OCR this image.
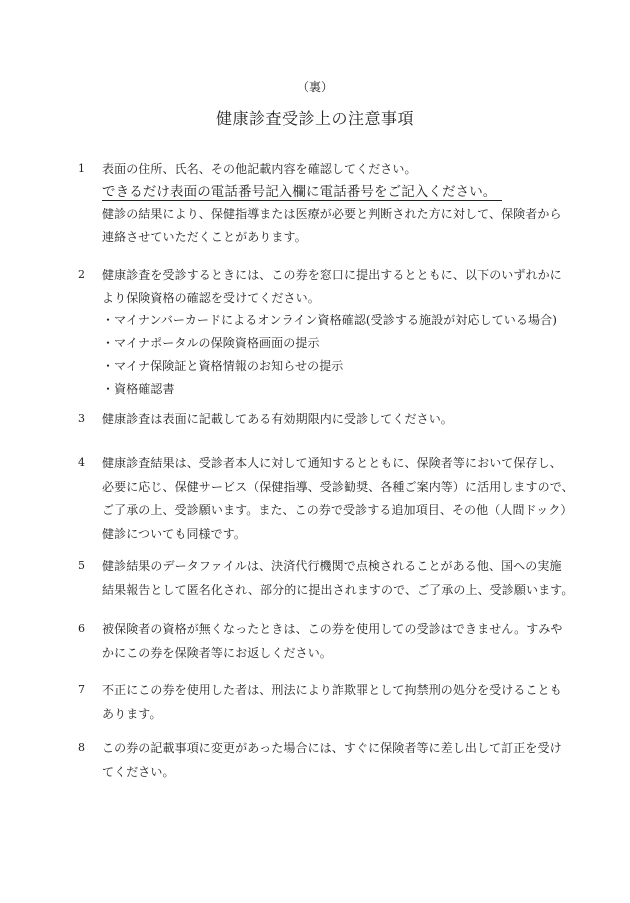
（裏）
健康診査受診上の注意事項
1 表面の住所、氏名、その他記載内容を確認してください。
できるだけ表面の電話番号記入欄に電話番号をご記入ください。
健診の結果により、保健指導または医療が必要と判断された方に対して、保険者から
連絡させていただくことがあります。
2 健康診査を受診するときには、この券を窓口に提出するとともに、以下のいずれかに
より保険資格の確認を受けてください。
・マイナンバーカードによるオンライン資格確認(受診する施設が対応している場合)
・マイナポータルの保険資格画面の提示
・マイナ保険証と資格情報のお知らせの提示
・資格確認書
3 健康診査は表面に記載してある有効期限内に受診してください。
4 健康診査結果は、受診者本人に対して通知するとともに、保険者等において保存し、
必要に応じ、保健サービス（保健指導、受診勧奨、各種ご案内等）に活用しますので、
ご了承の上、受診願います。また、この券で受診する追加項目、その他（人間ドック）
健診についても同様です。
5 健診結果のデータファイルは、決済代行機関で点検されることがある他、国への実施
結果報告として匿名化され、部分的に提出されますので、ご了承の上、受診願います。
6 被保険者の資格が無くなったときは、この券を使用しての受診はできません。すみや
かにこの券を保険者等にお返しください。
7 不正にこの券を使用した者は、刑法により詐欺罪として拘禁刑の処分を受けることも
あります。
8 この券の記載事項に変更があった場合には、すぐに保険者等に差し出して訂正を受け
てください。
